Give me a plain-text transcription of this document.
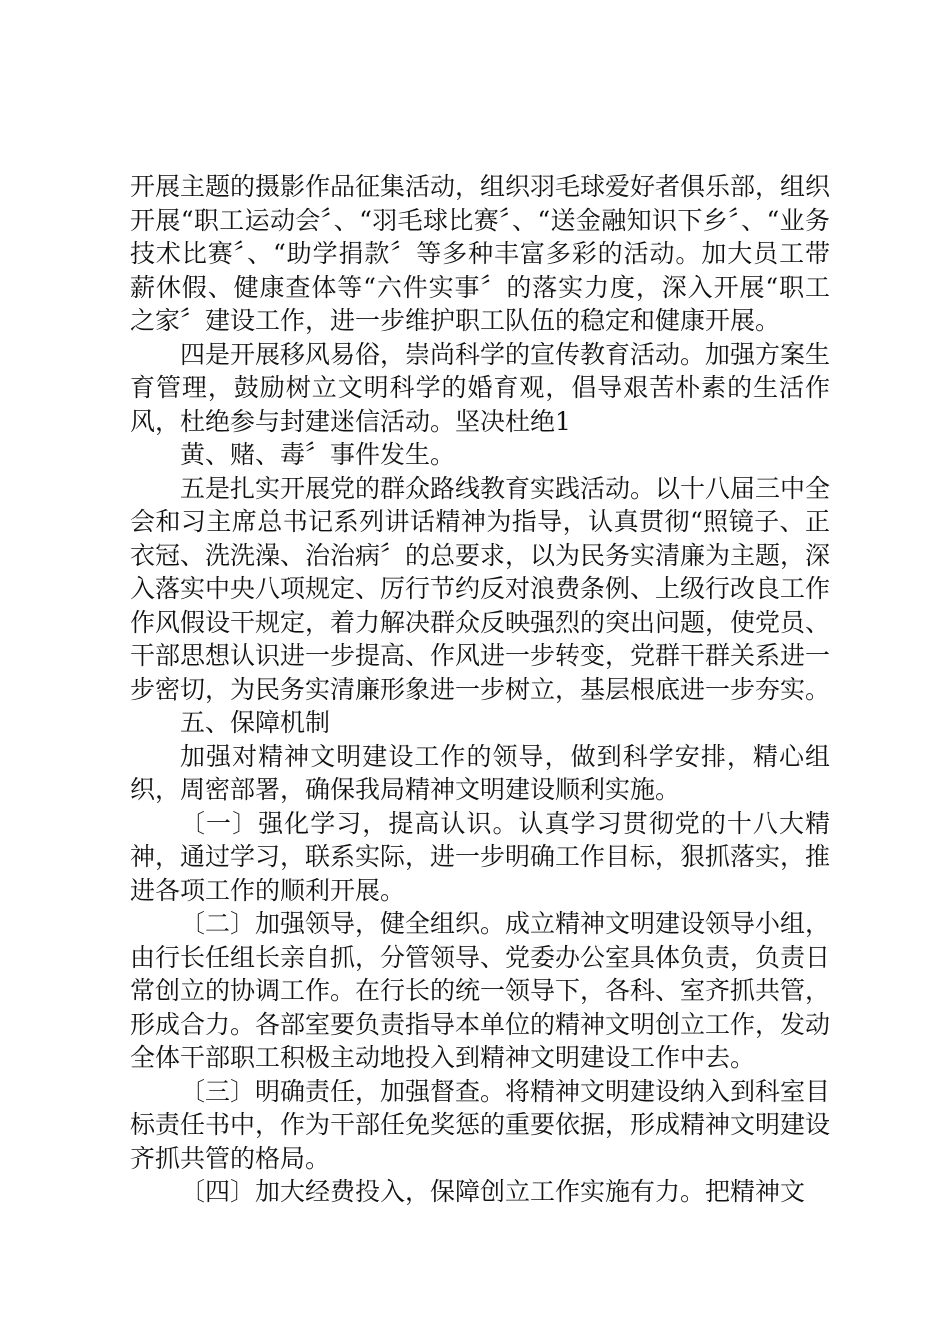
开展主题的摄影作品征集活动，组织羽毛球爱好者俱乐部，组织开展“职工运动会〞、“羽毛球比赛〞、“送金融知识下乡〞、“业务技术比赛〞、“助学捐款〞等多种丰富多彩的活动。加大员工带薪休假、健康查体等“六件实事〞的落实力度，深入开展“职工之家〞建设工作，进一步维护职工队伍的稳定和健康开展。

四是开展移风易俗，崇尚科学的宣传教育活动。加强方案生育管理，鼓励树立文明科学的婚育观，倡导艰苦朴素的生活作风，杜绝参与封建迷信活动。坚决杜绝1

黄、赌、毒〞事件发生。

五是扎实开展党的群众路线教育实践活动。以十八届三中全会和习主席总书记系列讲话精神为指导，认真贯彻“照镜子、正衣冠、洗洗澡、治治病〞的总要求，以为民务实清廉为主题，深入落实中央八项规定、厉行节约反对浪费条例、上级行改良工作作风假设干规定，着力解决群众反映强烈的突出问题，使党员、干部思想认识进一步提高、作风进一步转变，党群干群关系进一步密切，为民务实清廉形象进一步树立，基层根底进一步夯实。

五、保障机制

加强对精神文明建设工作的领导，做到科学安排，精心组织，周密部署，确保我局精神文明建设顺利实施。

〔一〕强化学习，提高认识。认真学习贯彻党的十八大精神，通过学习，联系实际，进一步明确工作目标，狠抓落实，推进各项工作的顺利开展。

〔二〕加强领导，健全组织。成立精神文明建设领导小组，由行长任组长亲自抓，分管领导、党委办公室具体负责，负责日常创立的协调工作。在行长的统一领导下，各科、室齐抓共管，形成合力。各部室要负责指导本单位的精神文明创立工作，发动全体干部职工积极主动地投入到精神文明建设工作中去。

〔三〕明确责任，加强督查。将精神文明建设纳入到科室目标责任书中，作为干部任免奖惩的重要依据，形成精神文明建设齐抓共管的格局。

〔四〕加大经费投入，保障创立工作实施有力。把精神文
